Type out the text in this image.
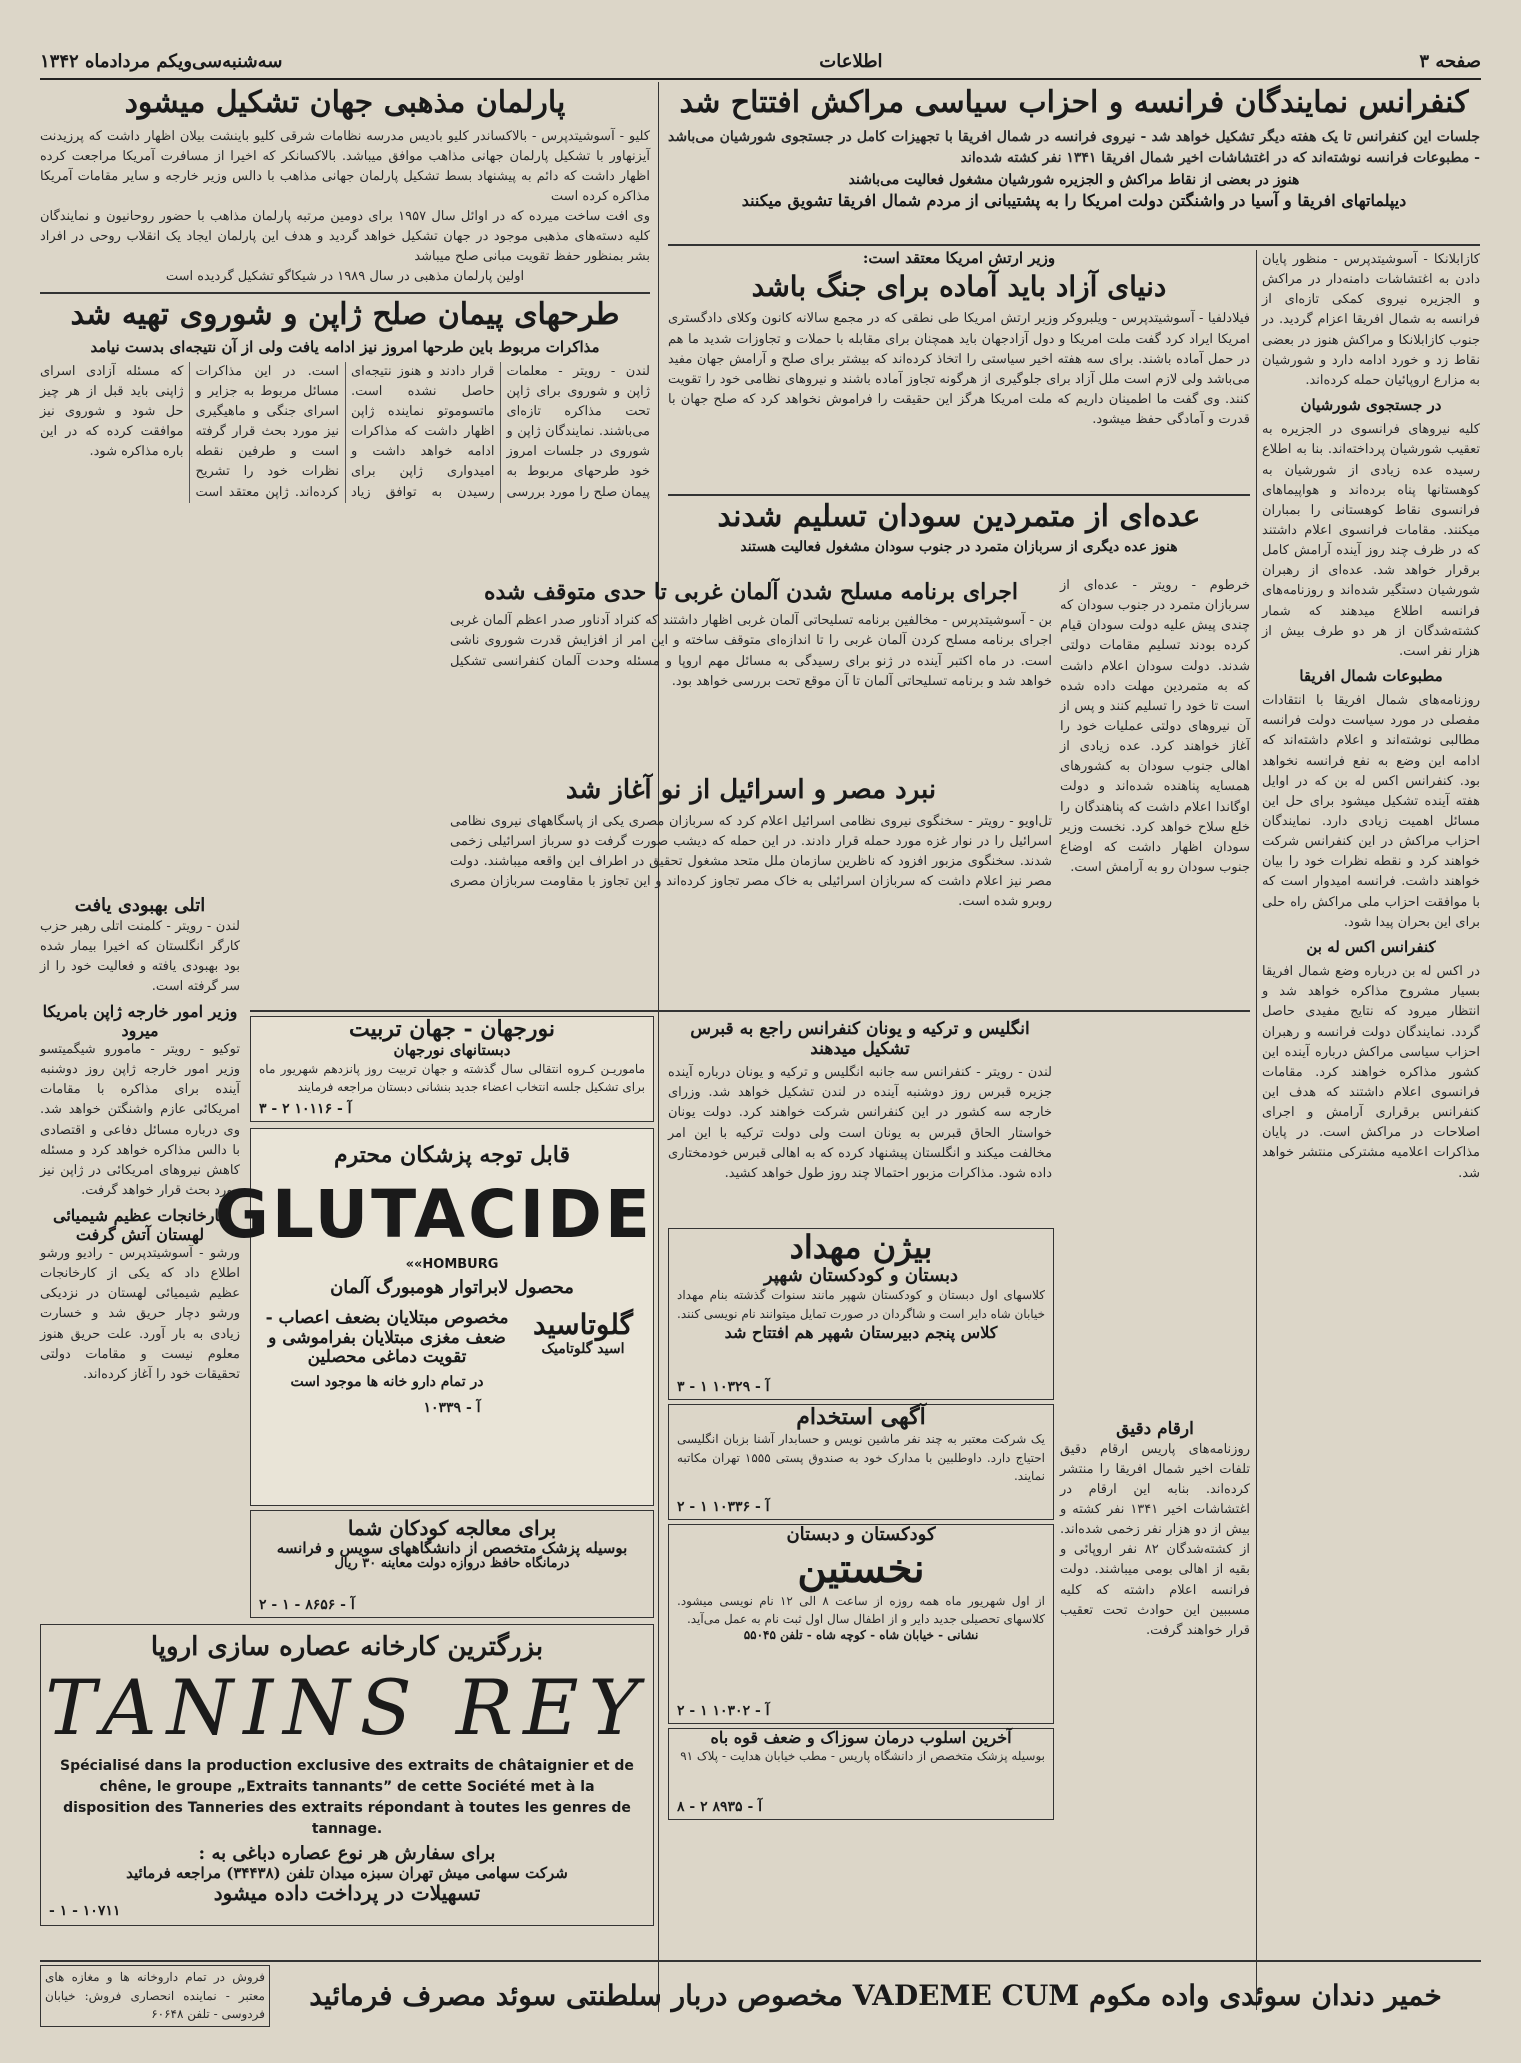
صفحه ۳
اطلاعات
سه‌شنبه‌سی‌ویکم مردادماه ۱۳۴۲
کنفرانس نمایندگان فرانسه و احزاب سیاسی مراکش افتتاح شد

جلسات این کنفرانس تا یک هفته دیگر تشکیل خواهد شد - نیروی فرانسه در شمال افریقا با تجهیزات کامل در جستجوی شورشیان می‌باشد - مطبوعات فرانسه نوشته‌اند که در اغتشاشات اخیر شمال افریقا ۱۳۴۱ نفر کشته شده‌اند

هنوز در بعضی از نقاط مراکش و الجزیره شورشیان مشغول فعالیت می‌باشند
دیپلماتهای افریقا و آسیا در واشنگتن دولت امریکا را به پشتیبانی از مردم شمال افریقا تشویق میکنند
پارلمان مذهبی جهان تشکیل میشود

کلیو - آسوشیتدپرس - بالاکساندر کلیو بادیس مدرسه نظامات شرقی کلیو باینشت بیلان اظهار داشت که پرزیدنت آیزنهاور با تشکیل پارلمان جهانی مذاهب موافق میباشد. بالاکسانکر که اخیرا از مسافرت آمریکا مراجعت کرده اظهار داشت که دائم به پیشنهاد بسط تشکیل پارلمان جهانی مذاهب با دالس وزیر خارجه و سایر مقامات آمریکا مذاکره کرده است

وی افت ساخت میرده که در اوائل سال ۱۹۵۷ برای دومین مرتبه پارلمان مذاهب با حضور روحانیون و نمایندگان کلیه دسته‌های مذهبی موجود در جهان تشکیل خواهد گردید و هدف این پارلمان ایجاد یک انقلاب روحی در افراد بشر بمنظور حفظ تقویت مبانی صلح میباشد

اولین پارلمان مذهبی در سال ۱۹۸۹ در شیکاگو تشکیل گردیده است

طرحهای پیمان صلح ژاپن و شوروی تهیه شد
مذاکرات مربوط باین طرحها امروز نیز ادامه یافت ولی از آن نتیجه‌ای بدست نیامد

لندن - رویتر - معلمات ژاپن و شوروی برای ژاپن تحت مذاکره تازه‌ای می‌باشند. نمایندگان ژاپن و شوروی در جلسات امروز خود طرحهای مربوط به پیمان صلح را مورد بررسی قرار دادند و هنوز نتیجه‌ای حاصل نشده است. ماتسوموتو نماینده ژاپن اظهار داشت که مذاکرات ادامه خواهد داشت و امیدواری ژاپن برای رسیدن به توافق زیاد است. در این مذاکرات مسائل مربوط به جزایر و اسرای جنگی و ماهیگیری نیز مورد بحث قرار گرفته است و طرفین نقطه نظرات خود را تشریح کرده‌اند. ژاپن معتقد است که مسئله آزادی اسرای ژاپنی باید قبل از هر چیز حل شود و شوروی نیز موافقت کرده که در این باره مذاکره شود.

کازابلانکا - آسوشیتدپرس - منظور پایان دادن به اغتشاشات دامنه‌دار در مراکش و الجزیره نیروی کمکی تازه‌ای از فرانسه به شمال افریقا اعزام گردید. در جنوب کازابلانکا و مراکش هنوز در بعضی نقاط زد و خورد ادامه دارد و شورشیان به مزارع اروپائیان حمله کرده‌اند.

در جستجوی شورشیان

کلیه نیروهای فرانسوی در الجزیره به تعقیب شورشیان پرداخته‌اند. بنا به اطلاع رسیده عده زیادی از شورشیان به کوهستانها پناه برده‌اند و هواپیماهای فرانسوی نقاط کوهستانی را بمباران میکنند. مقامات فرانسوی اعلام داشتند که در ظرف چند روز آینده آرامش کامل برقرار خواهد شد. عده‌ای از رهبران شورشیان دستگیر شده‌اند و روزنامه‌های فرانسه اطلاع میدهند که شمار کشته‌شدگان از هر دو طرف بیش از هزار نفر است.

مطبوعات شمال افریقا

روزنامه‌های شمال افریقا با انتقادات مفصلی در مورد سیاست دولت فرانسه مطالبی نوشته‌اند و اعلام داشته‌اند که ادامه این وضع به نفع فرانسه نخواهد بود. کنفرانس اکس له بن که در اوایل هفته آینده تشکیل میشود برای حل این مسائل اهمیت زیادی دارد. نمایندگان احزاب مراکش در این کنفرانس شرکت خواهند کرد و نقطه نظرات خود را بیان خواهند داشت. فرانسه امیدوار است که با موافقت احزاب ملی مراکش راه حلی برای این بحران پیدا شود.

کنفرانس اکس له بن

در اکس له بن درباره وضع شمال افریقا بسیار مشروح مذاکره خواهد شد و انتظار میرود که نتایج مفیدی حاصل گردد. نمایندگان دولت فرانسه و رهبران احزاب سیاسی مراکش درباره آینده این کشور مذاکره خواهند کرد. مقامات فرانسوی اعلام داشتند که هدف این کنفرانس برقراری آرامش و اجرای اصلاحات در مراکش است. در پایان مذاکرات اعلامیه مشترکی منتشر خواهد شد.

وزیر ارتش امریکا معتقد است:
دنیای آزاد باید آماده برای جنگ باشد

فیلادلفیا - آسوشیتدپرس - ویلبروکر وزیر ارتش امریکا طی نطقی که در مجمع سالانه کانون وکلای دادگستری امریکا ایراد کرد گفت ملت امریکا و دول آزادجهان باید همچنان برای مقابله با حملات و تجاوزات شدید ما هم در حمل آماده باشند. برای سه هفته اخیر سیاستی را اتخاذ کرده‌اند که بیشتر برای صلح و آرامش جهان مفید می‌باشد ولی لازم است ملل آزاد برای جلوگیری از هرگونه تجاوز آماده باشند و نیروهای نظامی خود را تقویت کنند. وی گفت ما اطمینان داریم که ملت امریکا هرگز این حقیقت را فراموش نخواهد کرد که صلح جهان با قدرت و آمادگی حفظ میشود.

عده‌ای از متمردین سودان تسلیم شدند
هنوز عده دیگری از سربازان متمرد در جنوب سودان مشغول فعالیت هستند

خرطوم - رویتر - عده‌ای از سربازان متمرد در جنوب سودان که چندی پیش علیه دولت سودان قیام کرده بودند تسلیم مقامات دولتی شدند. دولت سودان اعلام داشت که به متمردین مهلت داده شده است تا خود را تسلیم کنند و پس از آن نیروهای دولتی عملیات خود را آغاز خواهند کرد. عده زیادی از اهالی جنوب سودان به کشورهای همسایه پناهنده شده‌اند و دولت اوگاندا اعلام داشت که پناهندگان را خلع سلاح خواهد کرد. نخست وزیر سودان اظهار داشت که اوضاع جنوب سودان رو به آرامش است.

اجرای برنامه مسلح شدن آلمان غربی تا حدی متوقف شده

بن - آسوشیتدپرس - مخالفین برنامه تسلیحاتی آلمان غربی اظهار داشتند که کنراد آدناور صدر اعظم آلمان غربی اجرای برنامه مسلح کردن آلمان غربی را تا اندازه‌ای متوقف ساخته و این امر از افزایش قدرت شوروی ناشی است. در ماه اکتبر آینده در ژنو برای رسیدگی به مسائل مهم اروپا و مسئله وحدت آلمان کنفرانسی تشکیل خواهد شد و برنامه تسلیحاتی آلمان تا آن موقع تحت بررسی خواهد بود.

نبرد مصر و اسرائیل از نو آغاز شد

تل‌اویو - رویتر - سخنگوی نیروی نظامی اسرائیل اعلام کرد که سربازان مصری یکی از پاسگاههای نیروی نظامی اسرائیل را در نوار غزه مورد حمله قرار دادند. در این حمله که دیشب صورت گرفت دو سرباز اسرائیلی زخمی شدند. سخنگوی مزبور افزود که ناظرین سازمان ملل متحد مشغول تحقیق در اطراف این واقعه میباشند. دولت مصر نیز اعلام داشت که سربازان اسرائیلی به خاک مصر تجاوز کرده‌اند و این تجاوز با مقاومت سربازان مصری روبرو شده است.

اتلی بهبودی یافت

لندن - رویتر - کلمنت اتلی رهبر حزب کارگر انگلستان که اخیرا بیمار شده بود بهبودی یافته و فعالیت خود را از سر گرفته است.

وزیر امور خارجه ژاپن بامریکا میرود

توکیو - رویتر - مامورو شیگمیتسو وزیر امور خارجه ژاپن روز دوشنبه آینده برای مذاکره با مقامات امریکائی عازم واشنگتن خواهد شد. وی درباره مسائل دفاعی و اقتصادی با دالس مذاکره خواهد کرد و مسئله کاهش نیروهای امریکائی در ژاپن نیز مورد بحث قرار خواهد گرفت.

کارخانجات عظیم شیمیائی لهستان آتش گرفت

ورشو - آسوشیتدپرس - رادیو ورشو اطلاع داد که یکی از کارخانجات عظیم شیمیائی لهستان در نزدیکی ورشو دچار حریق شد و خسارت زیادی به بار آورد. علت حریق هنوز معلوم نیست و مقامات دولتی تحقیقات خود را آغاز کرده‌اند.

نورجهان - جهان تربیت
دبستانهای نورجهان

ماموریـن کـروه انتقالی سال گذشته و جهان تربیت روز پانزدهم شهریور ماه برای تشکیل جلسه انتخاب اعضاء جدید بنشانی دبستان مراجعه فرمایند

آ - ۱۰۱۱۶ ۲ - ۳
قابل توجه پزشکان محترم
GLUTACIDE «HOMBURG»
محصول لابراتوار هومبورگ آلمان
گلوتاسید
اسید گلوتامیک
مخصوص مبتلایان بضعف اعصاب - ضعف مغزی مبتلایان بفراموشی و تقویت دماغی محصلین
در تمام دارو خانه ها موجود است
آ - ۱۰۳۳۹
برای معالجه کودکان شما
بوسیله پزشک متخصص از دانشگاههای سویس و فرانسه
درمانگاه حافظ دروازه دولت معاینه ۳۰ ریال
آ - ۸۶۵۶ - ۱ - ۲
انگلیس و ترکیه و یونان کنفرانس راجع به قبرس تشکیل میدهند

لندن - رویتر - کنفرانس سه جانبه انگلیس و ترکیه و یونان درباره آینده جزیره قبرس روز دوشنبه آینده در لندن تشکیل خواهد شد. وزرای خارجه سه کشور در این کنفرانس شرکت خواهند کرد. دولت یونان خواستار الحاق قبرس به یونان است ولی دولت ترکیه با این امر مخالفت میکند و انگلستان پیشنهاد کرده که به اهالی قبرس خودمختاری داده شود. مذاکرات مزبور احتمالا چند روز طول خواهد کشید.

بیژن مهداد
دبستان و کودکستان شهپر

کلاسهای اول دبستان و کودکستان شهپر مانند سنوات گذشته بنام مهداد خیابان شاه دایر است و شاگردان در صورت تمایل میتوانند نام نویسی کنند.

کلاس پنجم دبیرستان شهپر هم افتتاح شد
آ - ۱۰۳۲۹ ۱ - ۳
آگهی استخدام

یک شرکت معتبر به چند نفر ماشین نویس و حسابدار آشنا بزبان انگلیسی احتیاج دارد. داوطلبین با مدارک خود به صندوق پستی ۱۵۵۵ تهران مکاتبه نمایند.

آ - ۱۰۳۳۶ ۱ - ۲
کودکستان و دبستان
نخستین

از اول شهریور ماه همه روزه از ساعت ۸ الی ۱۲ نام نویسی میشود. کلاسهای تحصیلی جدید دایر و از اطفال سال اول ثبت نام به عمل می‌آید.

نشانی - خیابان شاه - کوچه شاه - تلفن ۵۵۰۴۵
آ - ۱۰۳۰۲ ۱ - ۲
آخرین اسلوب درمان سوزاک و ضعف قوه باه

بوسیله پزشک متخصص از دانشگاه پاریس - مطب خیابان هدایت - پلاک ۹۱

آ - ۸۹۳۵ ۲ - ۸
ارقام دقیق

روزنامه‌های پاریس ارقام دقیق تلفات اخیر شمال افریقا را منتشر کرده‌اند. بنابه این ارقام در اغتشاشات اخیر ۱۳۴۱ نفر کشته و بیش از دو هزار نفر زخمی شده‌اند. از کشته‌شدگان ۸۲ نفر اروپائی و بقیه از اهالی بومی میباشند. دولت فرانسه اعلام داشته که کلیه مسببین این حوادث تحت تعقیب قرار خواهند گرفت.

بزرگترین کارخانه عصاره سازی اروپا
TANINS REY

Spécialisé dans la production exclusive des extraits de châtaignier et de chêne, le groupe „Extraits tannants” de cette Société met à la disposition des Tanneries des extraits répondant à toutes les genres de tannage.

برای سفارش هر نوع عصاره دباغی به :
شرکت سهامی میش تهران سبزه میدان تلفن (۳۴۴۳۸) مراجعه فرمائید
تسهیلات در پرداخت داده میشود
۱۰۷۱۱ - ۱ -
خمیر دندان سوئدی واده مکوم VADEME CUM مخصوص دربار سلطنتی سوئد مصرف فرمائید
فروش در تمام داروخانه ها و مغازه های معتبر - نماینده انحصاری فروش: خیابان فردوسی - تلفن ۶۰۶۴۸
